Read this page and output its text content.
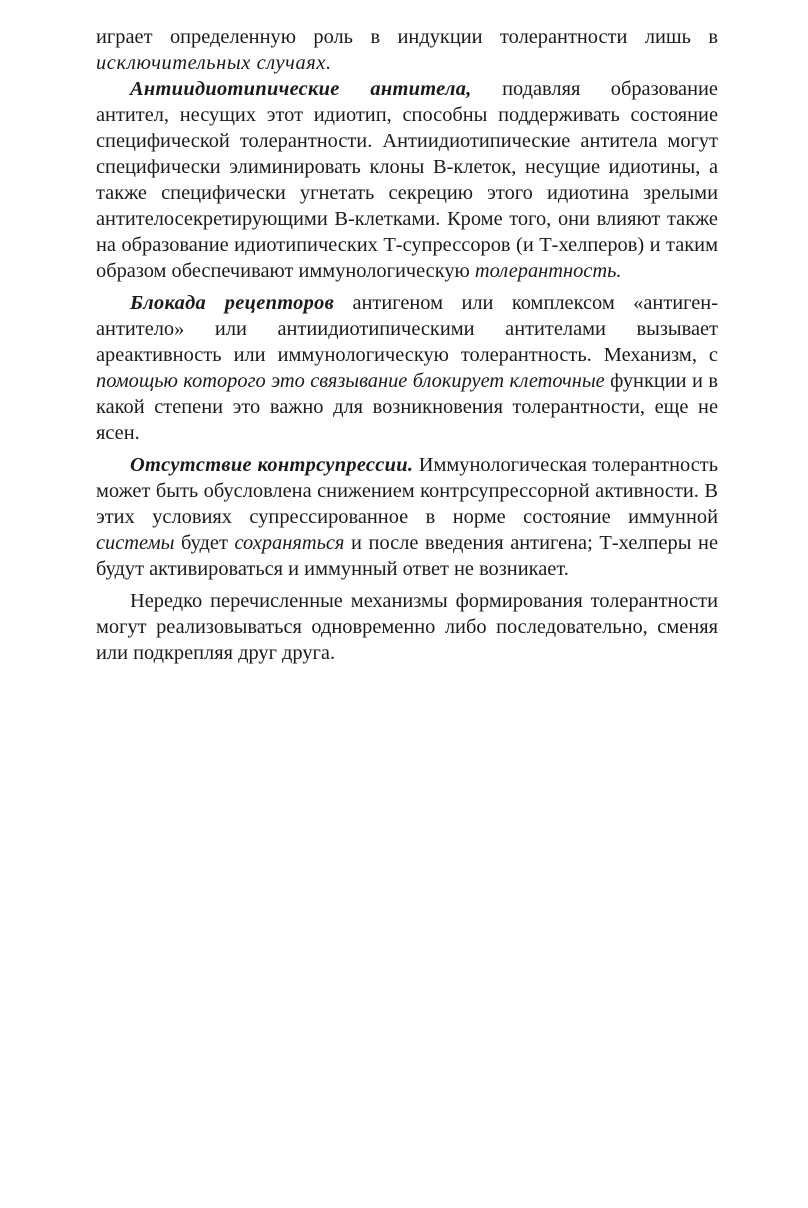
играет определенную роль в индукции толерантности лишь в исключительных случаях.

Антиидиотипические антитела, подавляя образование антител, несущих этот идиотип, способны поддерживать состояние специфической толерантности. Антиидиотипические антитела могут специфически элиминировать клоны В-клеток, несущие идиотины, а также специфически угнетать секрецию этого идиотина зрелыми антителосекретирующими В-клетками. Кроме того, они влияют также на образование идиотипических Т-супрессоров (и Т-хелперов) и таким образом обеспечивают иммунологическую толерантность.

Блокада рецепторов антигеном или комплексом «антиген-антитело» или антиидиотипическими антителами вызывает ареактивность или иммунологическую толерантность. Механизм, с помощью которого это связывание блокирует клеточные функции и в какой степени это важно для возникновения толерантности, еще не ясен.

Отсутствие контрсупрессии. Иммунологическая толерантность может быть обусловлена снижением контрсупрессорной активности. В этих условиях супрессированное в норме состояние иммунной системы будет сохраняться и после введения антигена; Т-хелперы не будут активироваться и иммунный ответ не возникает.

Нередко перечисленные механизмы формирования толерантности могут реализовываться одновременно либо последовательно, сменяя или подкрепляя друг друга.
